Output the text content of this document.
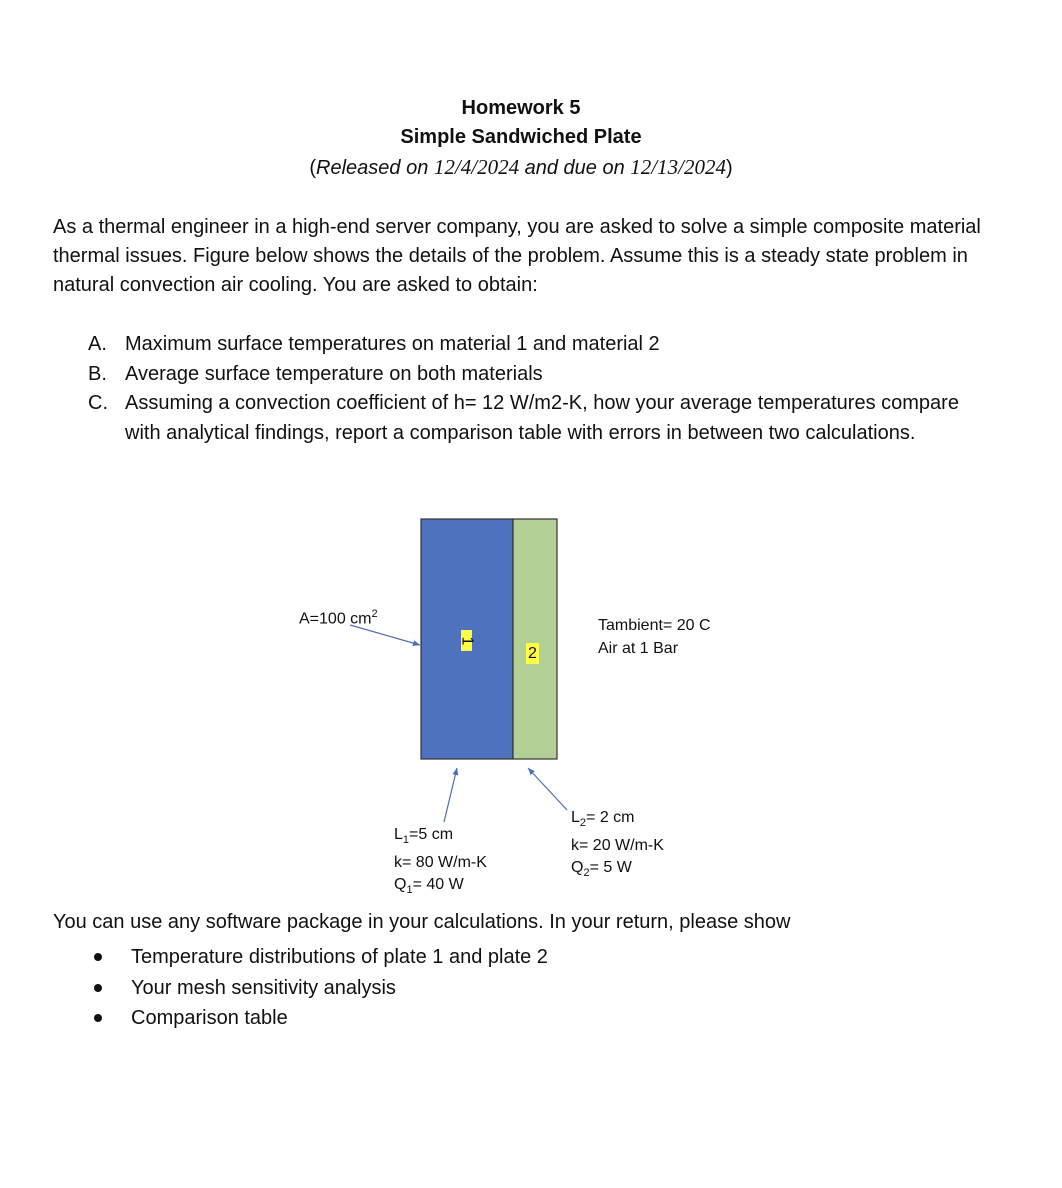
Homework 5
Simple Sandwiched Plate
(Released on 12/4/2024 and due on 12/13/2024)
As a thermal engineer in a high-end server company, you are asked to solve a simple composite material thermal issues. Figure below shows the details of the problem. Assume this is a steady state problem in natural convection air cooling. You are asked to obtain:
A. Maximum surface temperatures on material 1 and material 2
B. Average surface temperature on both materials
C. Assuming a convection coefficient of h= 12 W/m2-K, how your average temperatures compare with analytical findings, report a comparison table with errors in between two calculations.
1
2
A=100 $cm^2$
Tambient= 20 C
Air at 1 Bar
$L_1=5$ cm
k= 80 W/m-K
$Q_1= 40$ W
$L_2= 2$ cm
k= 20 W/m-K
$Q_2= 5$ W
You can use any software package in your calculations. In your return, please show
Temperature distributions of plate 1 and plate 2
Your mesh sensitivity analysis
Comparison table
